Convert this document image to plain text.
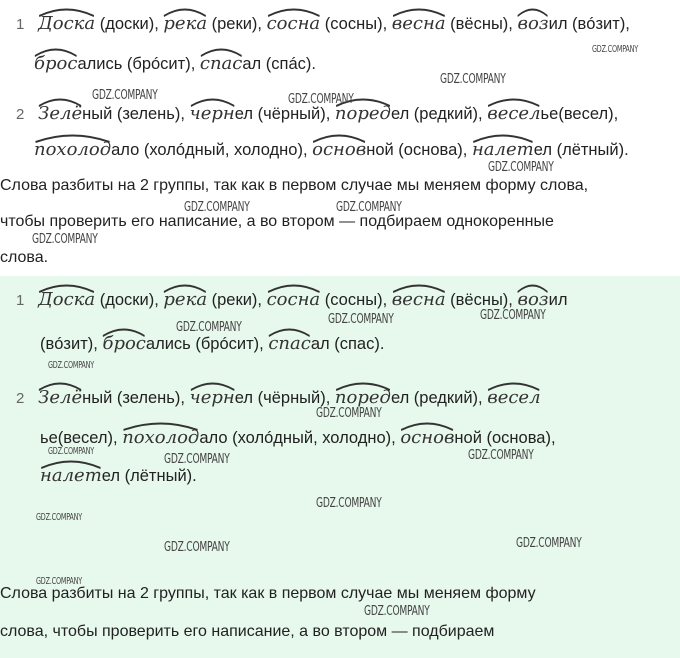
1 Доска (доски),
река (реки),
сосна (сосны),
весна (вёсны),
возил (вóзит),
бросались (брóсит),
спасал (спáс).
2 Зелёный (зелень),
чернел (чёрный),
поредел (редкий),
веселье(весел),
похолодало (холóдный, холодно),
основной (основа),
налетел (лётный).
Слова разбиты на 2 группы, так как в первом случае мы меняем форму слова,
чтобы проверить его написание, а во втором — подбираем однокоренные
слова.
1 Доска (доски),
река (реки),
сосна (сосны),
весна (вёсны),
возил
(вóзит),
бросались (брóсит),
спасал (спас).
2 Зелёный (зелень),
чернел (чёрный),
поредел (редкий),
весел
ье(весел),
похолодало (холóдный, холодно),
основной (основа),
налетел (лётный).
Слова разбиты на 2 группы, так как в первом случае мы меняем форму
слова, чтобы проверить его написание, а во втором — подбираем
GDZ.COMPANY
GDZ.COMPANY
GDZ.COMPANY	GDZ.COMPANY
GDZ.COMPANY
GDZ.COMPANY	GDZ.COMPANY
GDZ.COMPANY
GDZ.COMPANY
GDZ.COMPANY	GDZ.COMPANY
GDZ.COMPANY
GDZ.COMPANY
GDZ.COMPANY
GDZ.COMPANY	GDZ.COMPANY
GDZ.COMPANY
GDZ.COMPANY
GDZ.COMPANY	GDZ.COMPANY
GDZ.COMPANY
GDZ.COMPANY
